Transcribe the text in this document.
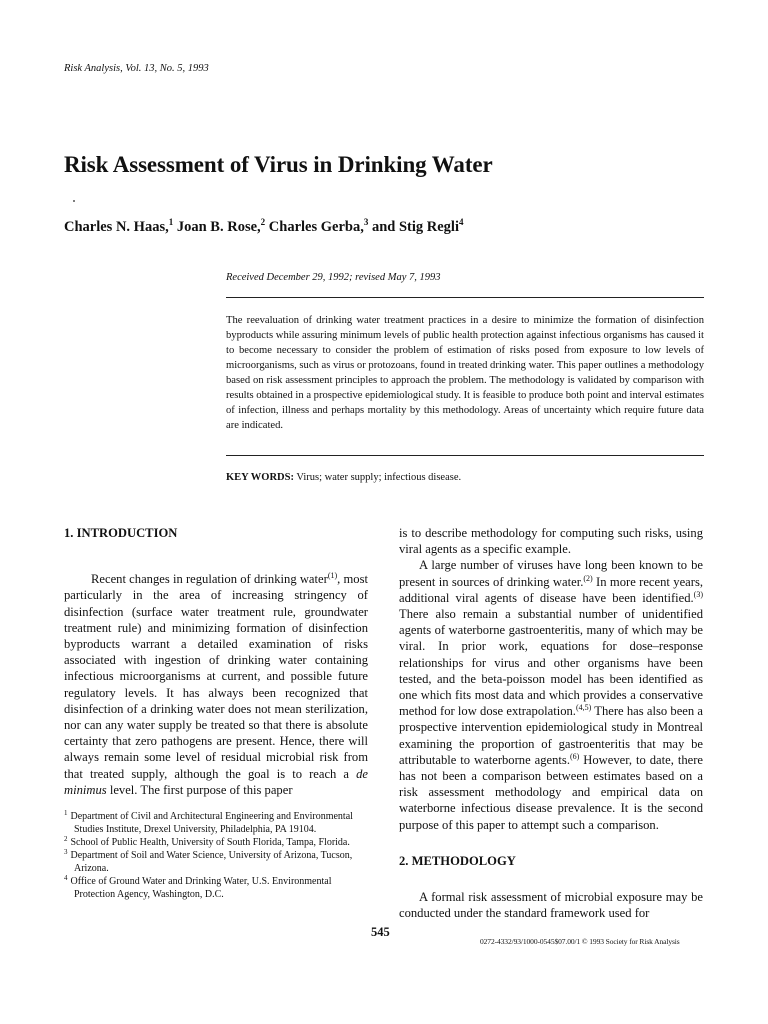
Risk Analysis, Vol. 13, No. 5, 1993
Risk Assessment of Virus in Drinking Water
Charles N. Haas,$^1$ Joan B. Rose,$^2$ Charles Gerba,$^3$ and Stig Regli$^4$
Received December 29, 1992; revised May 7, 1993

The reevaluation of drinking water treatment practices in a desire to minimize the formation of disinfection byproducts while assuring minimum levels of public health protection against infectious organisms has caused it to become necessary to consider the problem of estimation of risks posed from exposure to low levels of microorganisms, such as virus or protozoans, found in treated drinking water. This paper outlines a methodology based on risk assessment principles to approach the problem. The methodology is validated by comparison with results obtained in a prospective epidemiological study. It is feasible to produce both point and interval estimates of infection, illness and perhaps mortality by this methodology. Areas of uncertainty which require future data are indicated.

KEY WORDS: Virus; water supply; infectious disease.
1. INTRODUCTION

Recent changes in regulation of drinking water$^{(1)}$, most particularly in the area of increasing stringency of disinfection (surface water treatment rule, groundwater treatment rule) and minimizing formation of disinfection byproducts warrant a detailed examination of risks associated with ingestion of drinking water containing infectious microorganisms at current, and possible future regulatory levels. It has always been recognized that disinfection of a drinking water does not mean sterilization, nor can any water supply be treated so that there is absolute certainty that zero pathogens are present. Hence, there will always remain some level of residual microbial risk from that treated supply, although the goal is to reach a de minimus level. The first purpose of this paper

$^1$ Department of Civil and Architectural Engineering and Environmental Studies Institute, Drexel University, Philadelphia, PA 19104.
$^2$ School of Public Health, University of South Florida, Tampa, Florida.
$^3$ Department of Soil and Water Science, University of Arizona, Tucson, Arizona.
$^4$ Office of Ground Water and Drinking Water, U.S. Environmental Protection Agency, Washington, D.C.

is to describe methodology for computing such risks, using viral agents as a specific example.

A large number of viruses have long been known to be present in sources of drinking water.$^{(2)}$ In more recent years, additional viral agents of disease have been identified.$^{(3)}$ There also remain a substantial number of unidentified agents of waterborne gastroenteritis, many of which may be viral. In prior work, equations for dose–response relationships for virus and other organisms have been tested, and the beta-poisson model has been identified as one which fits most data and which provides a conservative method for low dose extrapolation.$^{(4,5)}$ There has also been a prospective intervention epidemiological study in Montreal examining the proportion of gastroenteritis that may be attributable to waterborne agents.$^{(6)}$ However, to date, there has not been a comparison between estimates based on a risk assessment methodology and empirical data on waterborne infectious disease prevalence. It is the second purpose of this paper to attempt such a comparison.

2. METHODOLOGY

A formal risk assessment of microbial exposure may be conducted under the standard framework used for

545
0272-4332/93/1000-0545$07.00/1 © 1993 Society for Risk Analysis
